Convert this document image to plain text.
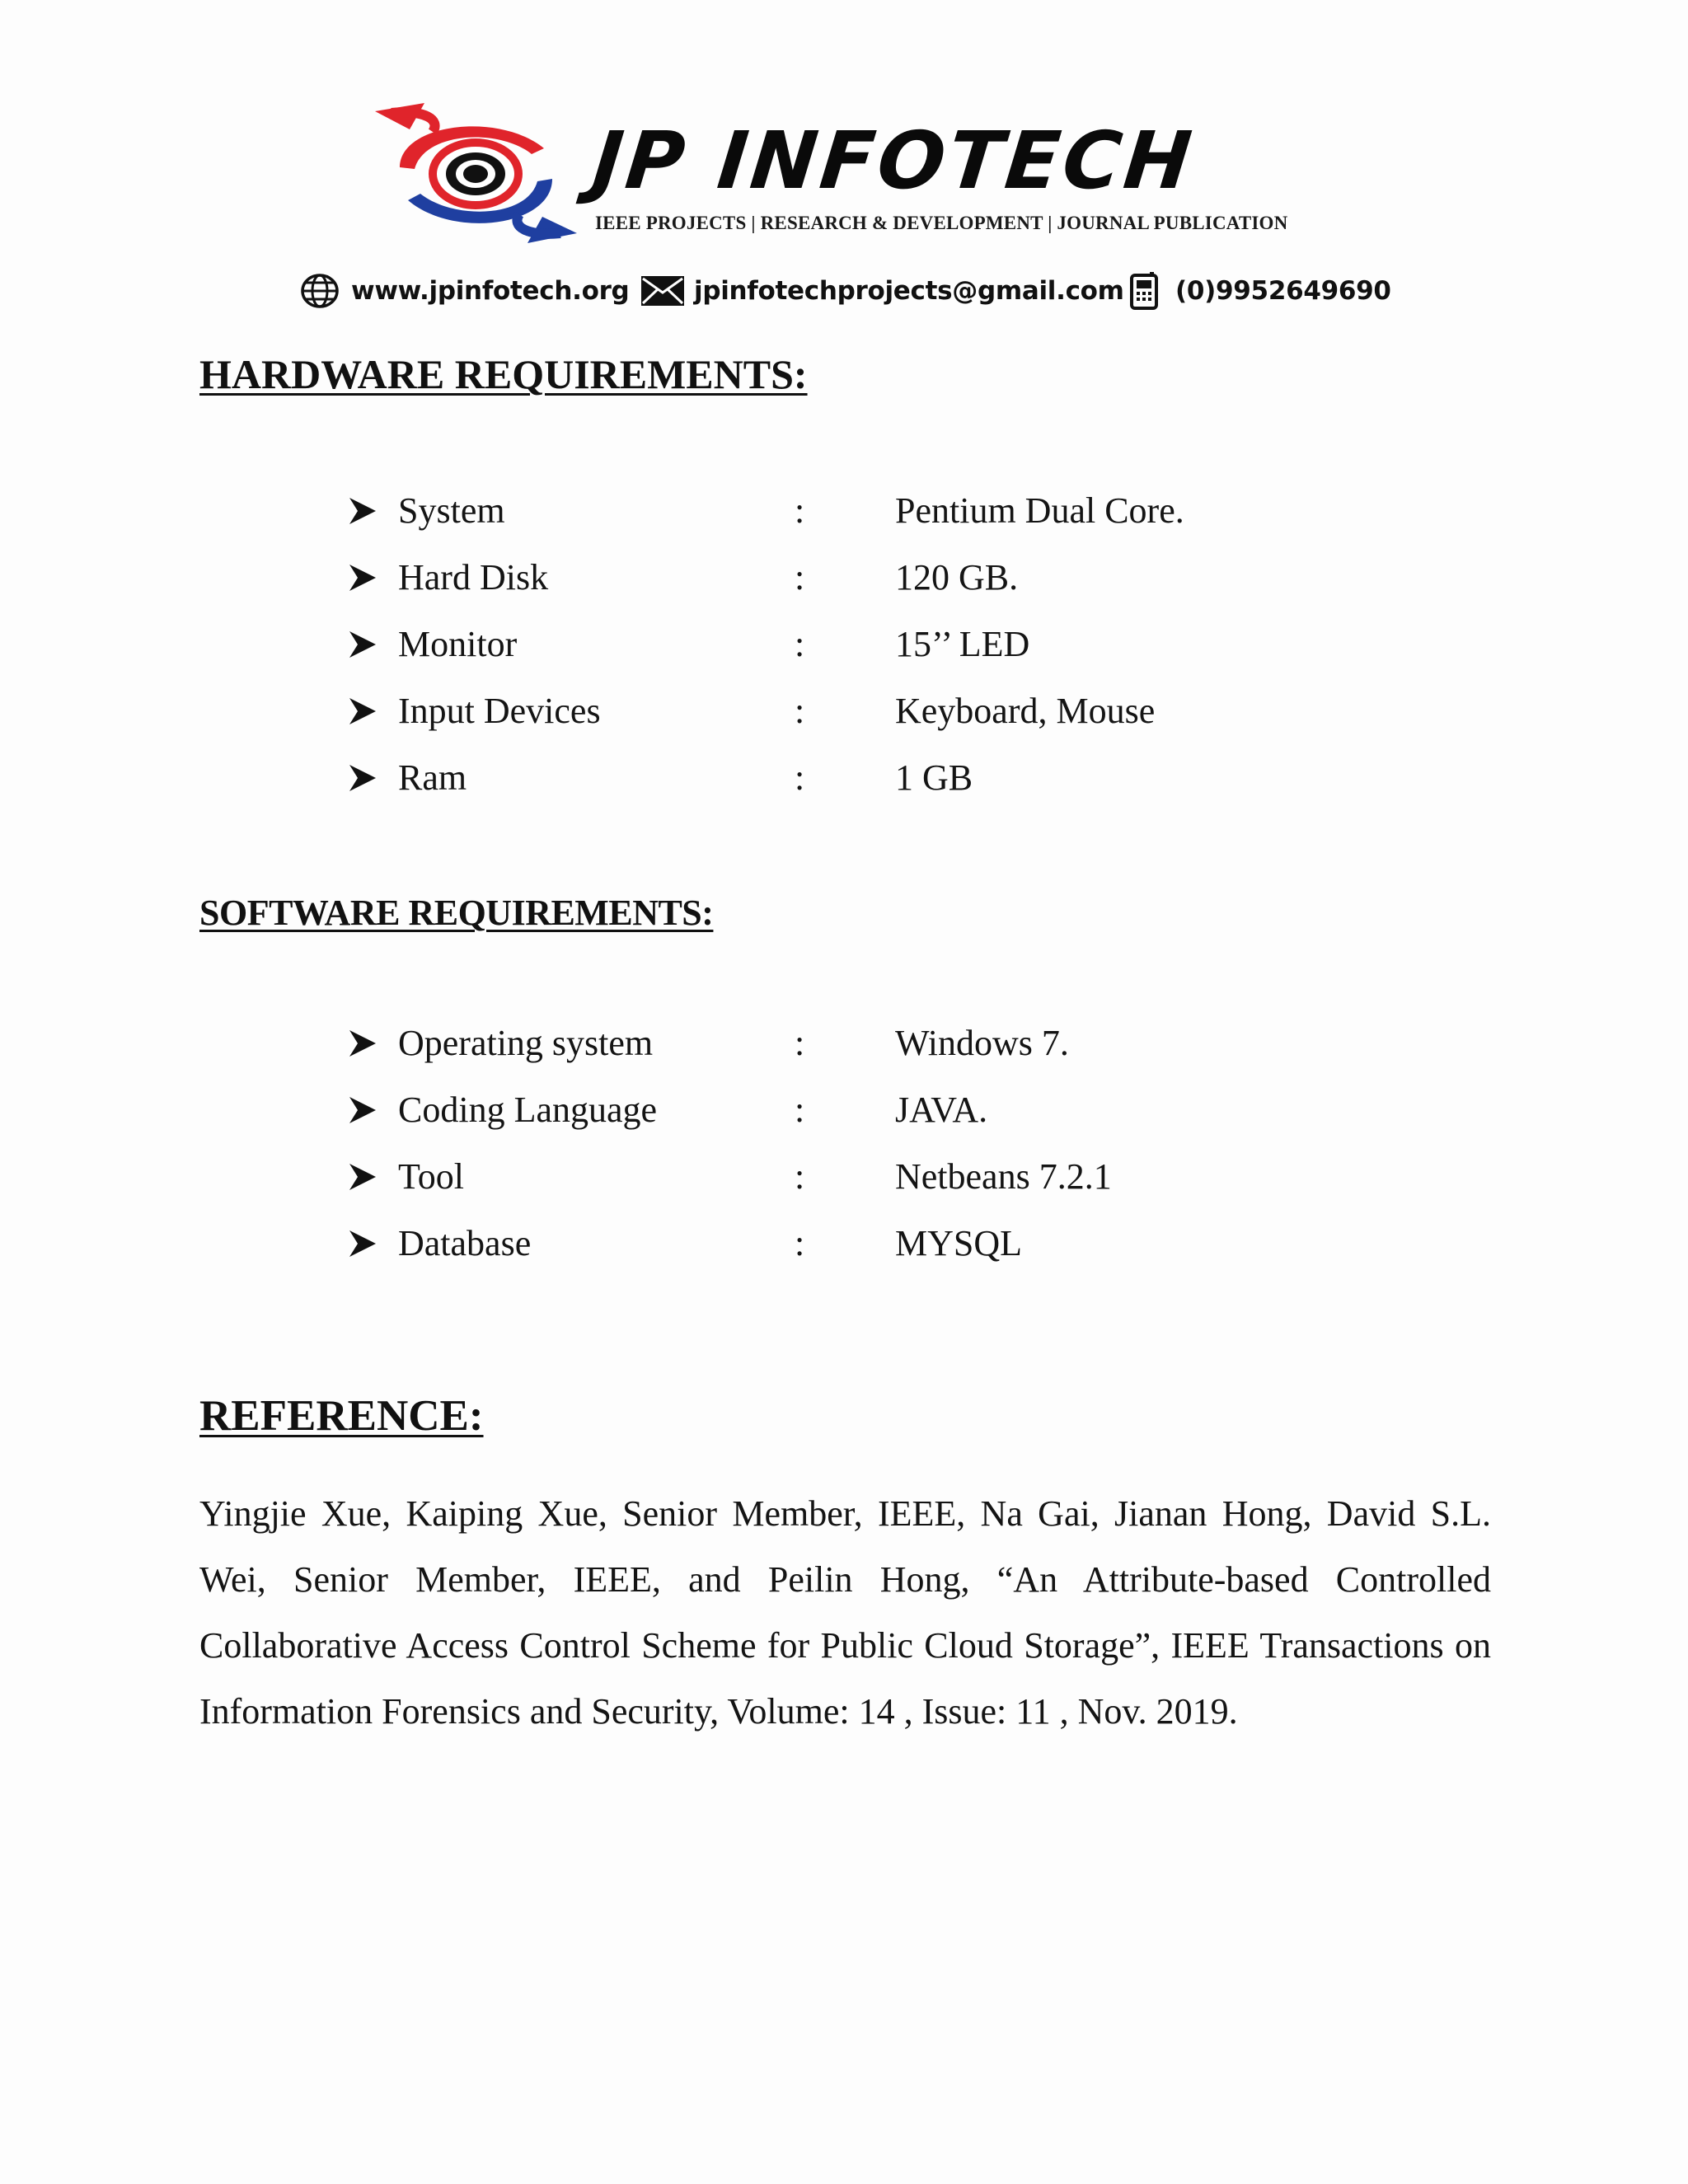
JP INFOTECH
IEEE PROJECTS | RESEARCH & DEVELOPMENT | JOURNAL PUBLICATION
www.jpinfotech.org	jpinfotechprojects@gmail.com (0)9952649690
HARDWARE REQUIREMENTS:
System	: Pentium Dual Core.
Hard Disk	: 120 GB.
Monitor	: 15’’ LED
Input Devices	: Keyboard, Mouse
Ram	: 1 GB
SOFTWARE REQUIREMENTS:
Operating system	: Windows 7.
Coding Language	: JAVA.
Tool	: Netbeans 7.2.1
Database	: MYSQL
REFERENCE:

Yingjie Xue, Kaiping Xue, Senior Member, IEEE, Na Gai, Jianan Hong, David S.L. Wei, Senior Member, IEEE, and Peilin Hong, “An Attribute-based Controlled Collaborative Access Control Scheme for Public Cloud Storage”, IEEE Transactions on Information Forensics and Security, Volume: 14 , Issue: 11 , Nov. 2019.
